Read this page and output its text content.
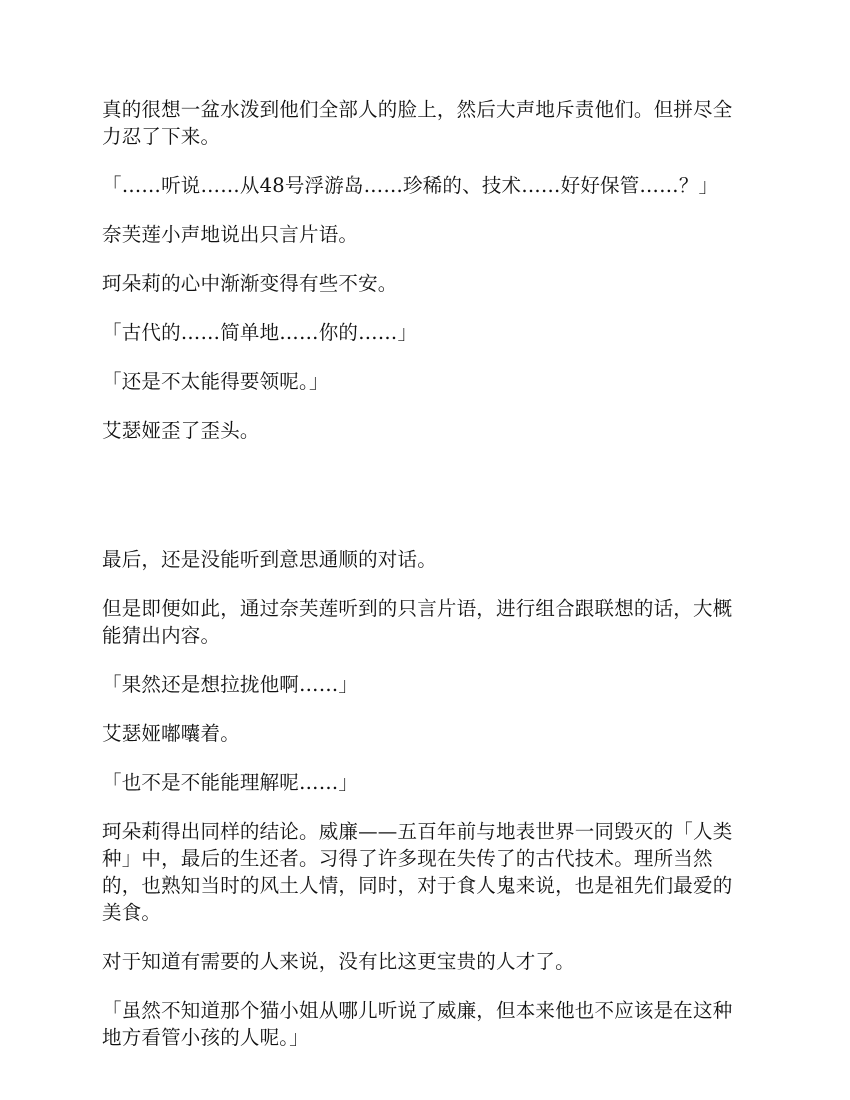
真的很想一盆水泼到他们全部人的脸上，然后大声地斥责他们。但拼尽全力忍了下来。

「……听说……从48号浮游岛……珍稀的、技术……好好保管……？」

奈芙莲小声地说出只言片语。

珂朵莉的心中渐渐变得有些不安。

「古代的……简单地……你的……」

「还是不太能得要领呢。」

艾瑟娅歪了歪头。

最后，还是没能听到意思通顺的对话。

但是即便如此，通过奈芙莲听到的只言片语，进行组合跟联想的话，大概能猜出内容。

「果然还是想拉拢他啊……」

艾瑟娅嘟囔着。

「也不是不能能理解呢……」

珂朵莉得出同样的结论。威廉——五百年前与地表世界一同毁灭的「人类种」中，最后的生还者。习得了许多现在失传了的古代技术。理所当然的，也熟知当时的风土人情，同时，对于食人鬼来说，也是祖先们最爱的美食。

对于知道有需要的人来说，没有比这更宝贵的人才了。

「虽然不知道那个猫小姐从哪儿听说了威廉，但本来他也不应该是在这种地方看管小孩的人呢。」
